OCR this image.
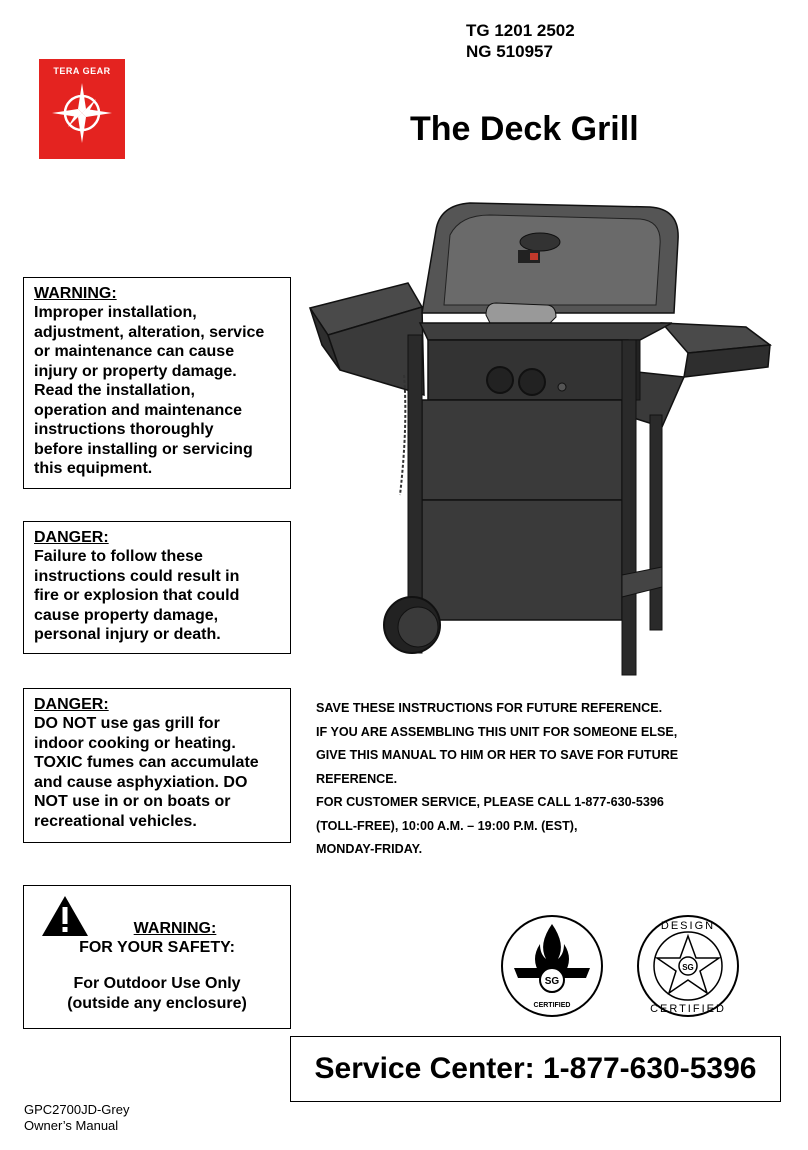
TG 1201 2502
NG 510957
TERA GEAR
The Deck Grill
WARNING:
Improper installation,
adjustment, alteration, service
or maintenance can cause
injury or property damage.
Read the installation,
operation and maintenance
instructions thoroughly
before installing or servicing
this equipment.
DANGER:
Failure to follow these
instructions could result in
fire or explosion that could
cause property damage,
personal injury or death.
DANGER:
DO NOT use gas grill for
indoor cooking or heating.
TOXIC fumes can accumulate
and cause asphyxiation. DO
NOT use in or on boats or
recreational vehicles.
WARNING:
FOR YOUR SAFETY:
For Outdoor Use Only
(outside any enclosure)
SAVE THESE INSTRUCTIONS FOR FUTURE REFERENCE.
IF YOU ARE ASSEMBLING THIS UNIT FOR SOMEONE ELSE,
GIVE THIS MANUAL TO HIM OR HER TO SAVE FOR FUTURE
REFERENCE.
FOR CUSTOMER SERVICE, PLEASE CALL 1-877-630-5396
(TOLL-FREE), 10:00 A.M. – 19:00 P.M. (EST),
MONDAY-FRIDAY.
SG
CERTIFIED
SG
DESIGN
CERTIFIED
Service Center: 1-877-630-5396
GPC2700JD-Grey
Owner’s Manual
